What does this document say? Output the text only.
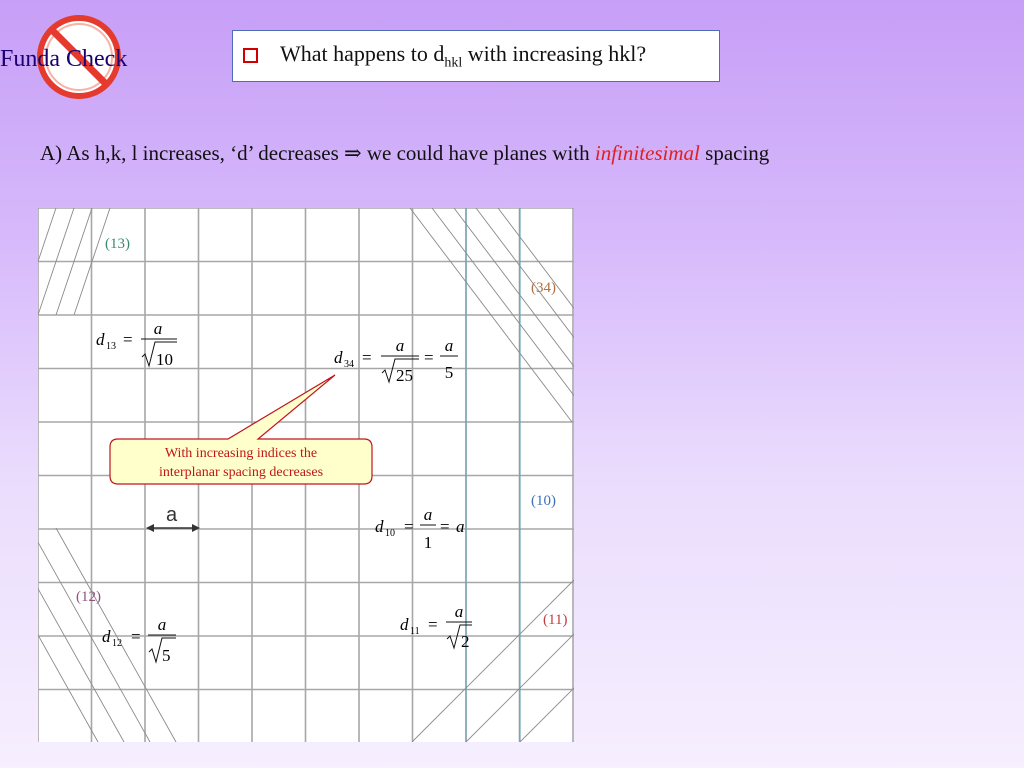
Funda Check	What happens to $d_{hkl}$ with increasing hkl?
A) As h,k, l increases, ‘d’ decreases ⇒ we could have planes with infinitesimal spacing
(13)
(34)
(10)
(12)
(11)
a
d 13 =
a
10	d 34 =
a
25
=
a
5
d 10 =
a
1
= a
d 11 =
a
2
d 12 =
a
5
With increasing indices the
interplanar spacing decreases
